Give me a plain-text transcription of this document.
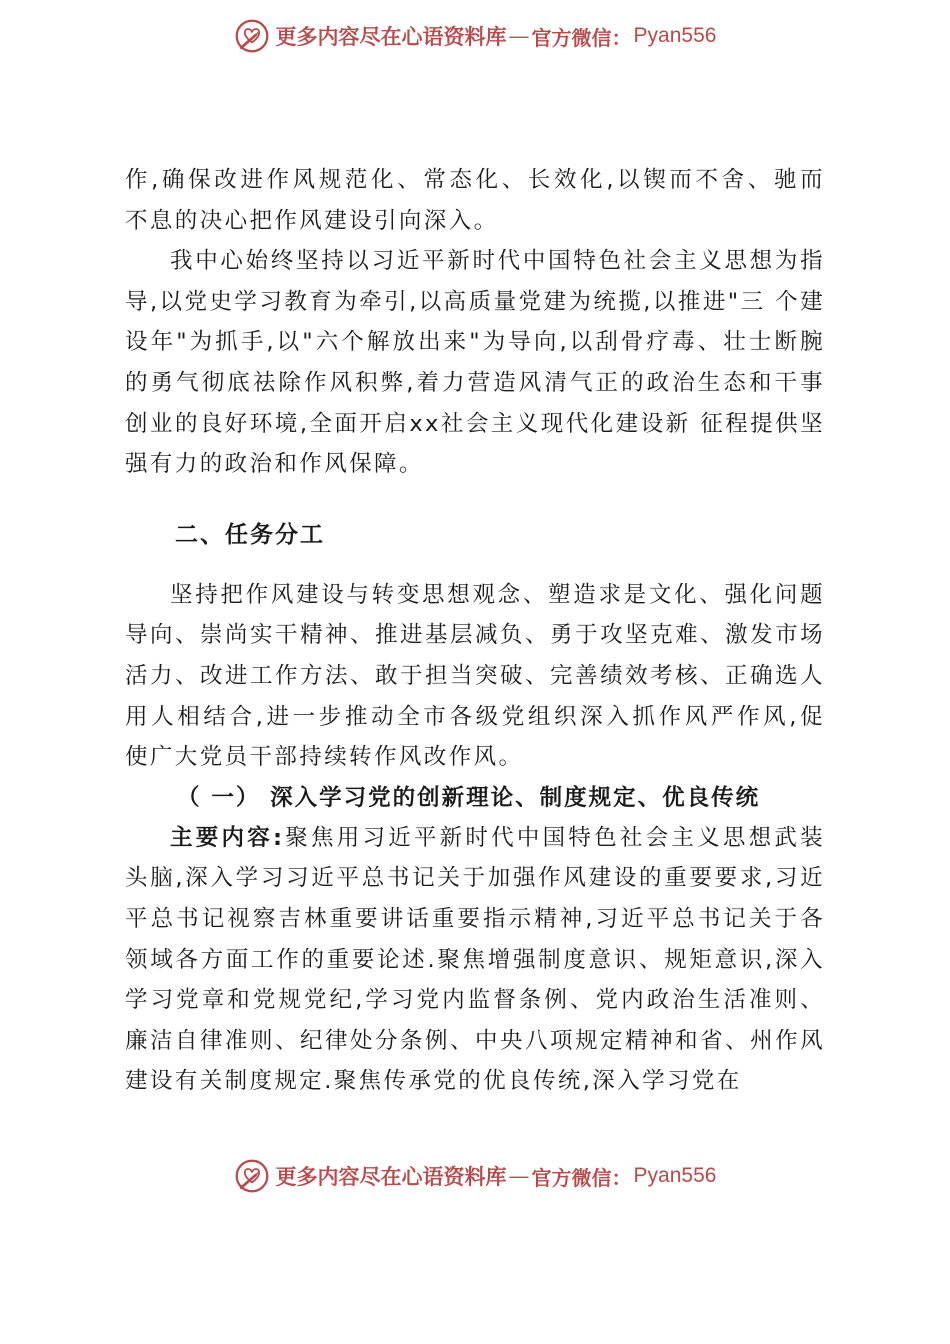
更多内容尽在心语资料库 — 官方微信： Pyan556

作,确保改进作风规范化、常态化、长效化,以锲而不舍、驰而 不息的决心把作风建设引向深入。

我中心始终坚持以习近平新时代中国特色社会主义思想为指导,以党史学习教育为牵引,以高质量党建为统揽,以推进"三 个建设年"为抓手,以"六个解放出来"为导向,以刮骨疗毒、壮士断腕的勇气彻底祛除作风积弊,着力营造风清气正的政治生态和干事创业的良好环境,全面开启xx社会主义现代化建设新 征程提供坚强有力的政治和作风保障。

二、任务分工

坚持把作风建设与转变思想观念、塑造求是文化、强化问题导向、崇尚实干精神、推进基层减负、勇于攻坚克难、激发市场 活力、改进工作方法、敢于担当突破、完善绩效考核、正确选人 用人相结合,进一步推动全市各级党组织深入抓作风严作风,促 使广大党员干部持续转作风改作风。

（ 一） 深入学习党的创新理论、制度规定、优良传统

主要内容:聚焦用习近平新时代中国特色社会主义思想武装头脑,深入学习习近平总书记关于加强作风建设的重要要求,习近平总书记视察吉林重要讲话重要指示精神,习近平总书记关于各领域各方面工作的重要论述.聚焦增强制度意识、规矩意识,深入学习党章和党规党纪,学习党内监督条例、党内政治生活准则、廉洁自律准则、纪律处分条例、中央八项规定精神和省、州作风建设有关制度规定.聚焦传承党的优良传统,深入学习党在

更多内容尽在心语资料库 — 官方微信： Pyan556
